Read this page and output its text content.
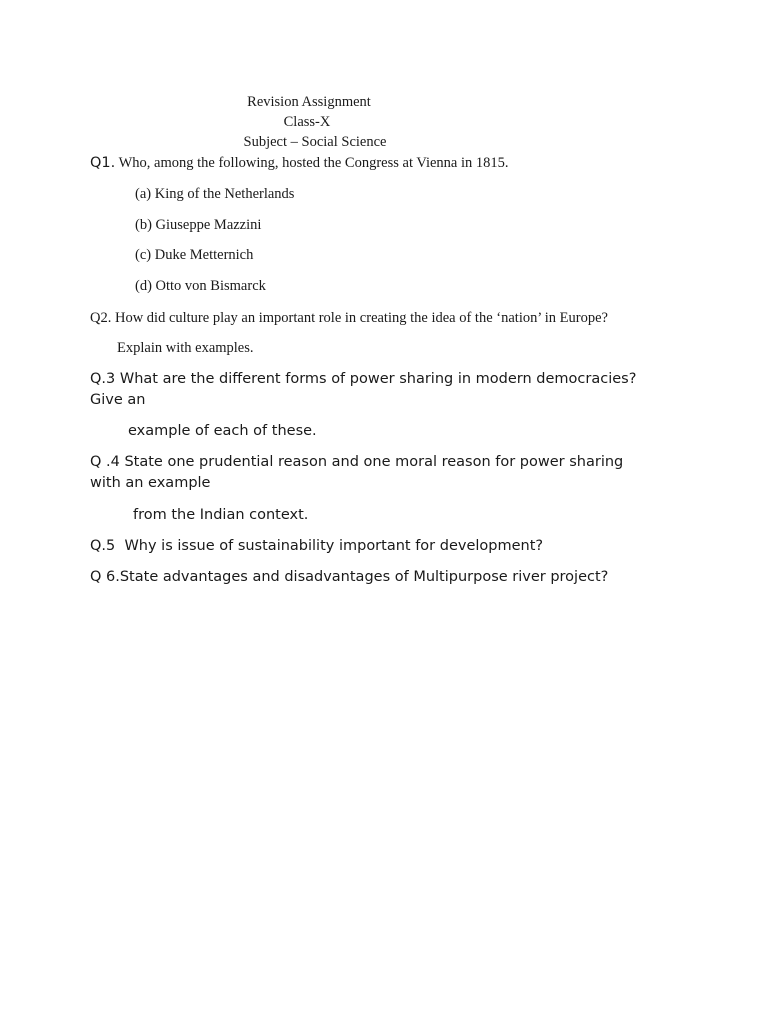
Revision Assignment
Class-X
Subject – Social Science
Q1. Who, among the following, hosted the Congress at Vienna in 1815.
(a) King of the Netherlands
(b) Giuseppe Mazzini
(c) Duke Metternich
(d) Otto von Bismarck
Q2. How did culture play an important role in creating the idea of the ‘nation’ in Europe?
Explain with examples.
Q.3 What are the different forms of power sharing in modern democracies?
Give an
example of each of these.
Q .4 State one prudential reason and one moral reason for power sharing
with an example
from the Indian context.
Q.5  Why is issue of sustainability important for development?
Q 6.State advantages and disadvantages of Multipurpose river project?
